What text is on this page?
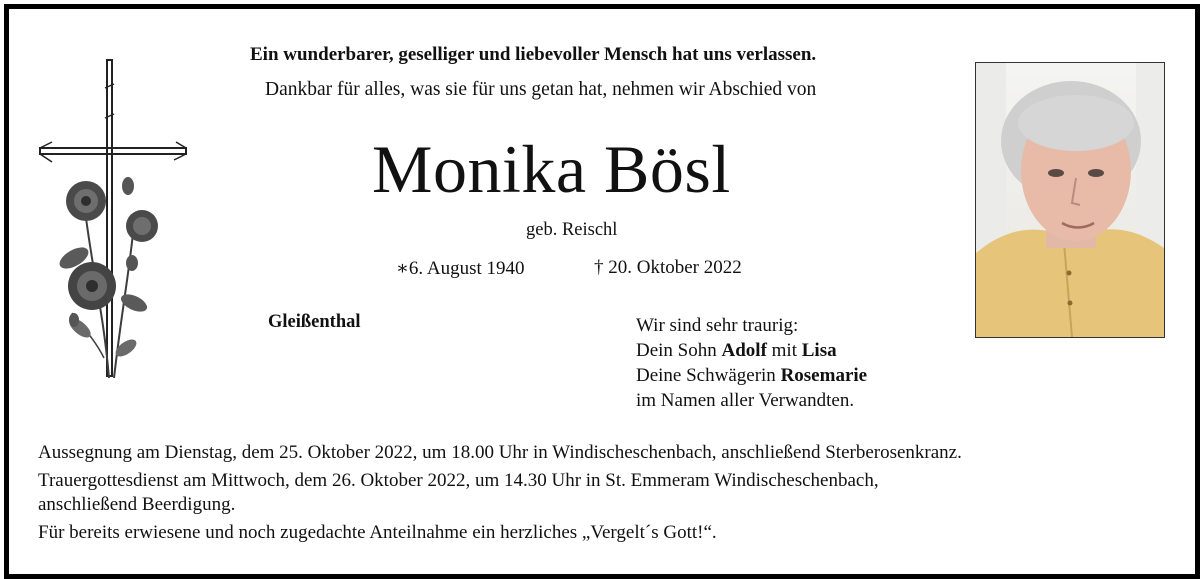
Ein wunderbarer, geselliger und liebevoller Mensch hat uns verlassen.
Dankbar für alles, was sie für uns getan hat, nehmen wir Abschied von
Monika Bösl
geb. Reischl
∗6. August 1940	† 20. Oktober 2022
Gleißenthal	Wir sind sehr traurig:
Dein Sohn Adolf mit Lisa
Deine Schwägerin Rosemarie
im Namen aller Verwandten.
Aussegnung am Dienstag, dem 25. Oktober 2022, um 18.00 Uhr in Windischeschenbach, anschließend Sterberosenkranz.
Trauergottesdienst am Mittwoch, dem 26. Oktober 2022, um 14.30 Uhr in St. Emmeram Windischeschenbach,
anschließend Beerdigung.
Für bereits erwiesene und noch zugedachte Anteilnahme ein herzliches „Vergelt´s Gott!“.
